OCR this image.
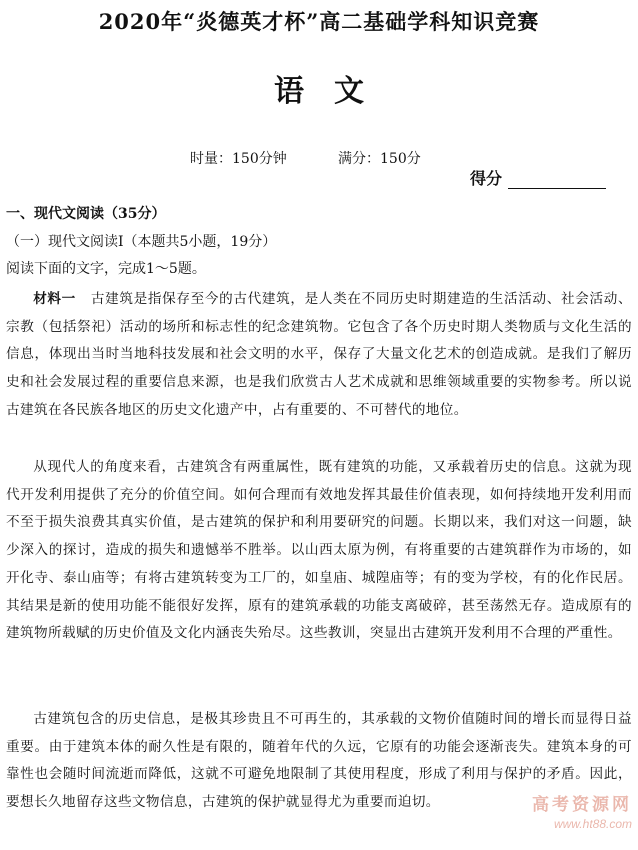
2020年“炎德英才杯”高二基础学科知识竞赛
语文
时量：150分钟	满分：150分
得分
一、现代文阅读（35分）
（一）现代文阅读Ⅰ（本题共5小题，19分）
阅读下面的文字，完成1～5题。

材料一 古建筑是指保存至今的古代建筑，是人类在不同历史时期建造的生活活动、社会活动、宗教（包括祭祀）活动的场所和标志性的纪念建筑物。它包含了各个历史时期人类物质与文化生活的信息，体现出当时当地科技发展和社会文明的水平，保存了大量文化艺术的创造成就。是我们了解历史和社会发展过程的重要信息来源，也是我们欣赏古人艺术成就和思维领域重要的实物参考。所以说古建筑在各民族各地区的历史文化遗产中，占有重要的、不可替代的地位。

从现代人的角度来看，古建筑含有两重属性，既有建筑的功能，又承载着历史的信息。这就为现代开发利用提供了充分的价值空间。如何合理而有效地发挥其最佳价值表现，如何持续地开发利用而不至于损失浪费其真实价值，是古建筑的保护和利用要研究的问题。长期以来，我们对这一问题，缺少深入的探讨，造成的损失和遗憾举不胜举。以山西太原为例，有将重要的古建筑群作为市场的，如开化寺、泰山庙等；有将古建筑转变为工厂的，如皇庙、城隍庙等；有的变为学校，有的化作民居。其结果是新的使用功能不能很好发挥，原有的建筑承载的功能支离破碎，甚至荡然无存。造成原有的建筑物所载赋的历史价值及文化内涵丧失殆尽。这些教训，突显出古建筑开发利用不合理的严重性。

古建筑包含的历史信息，是极其珍贵且不可再生的，其承载的文物价值随时间的增长而显得日益重要。由于建筑本体的耐久性是有限的，随着年代的久远，它原有的功能会逐渐丧失。建筑本身的可靠性也会随时间流逝而降低，这就不可避免地限制了其使用程度，形成了利用与保护的矛盾。因此，要想长久地留存这些文物信息，古建筑的保护就显得尤为重要而迫切。	高考资源网
www.ht88.com
